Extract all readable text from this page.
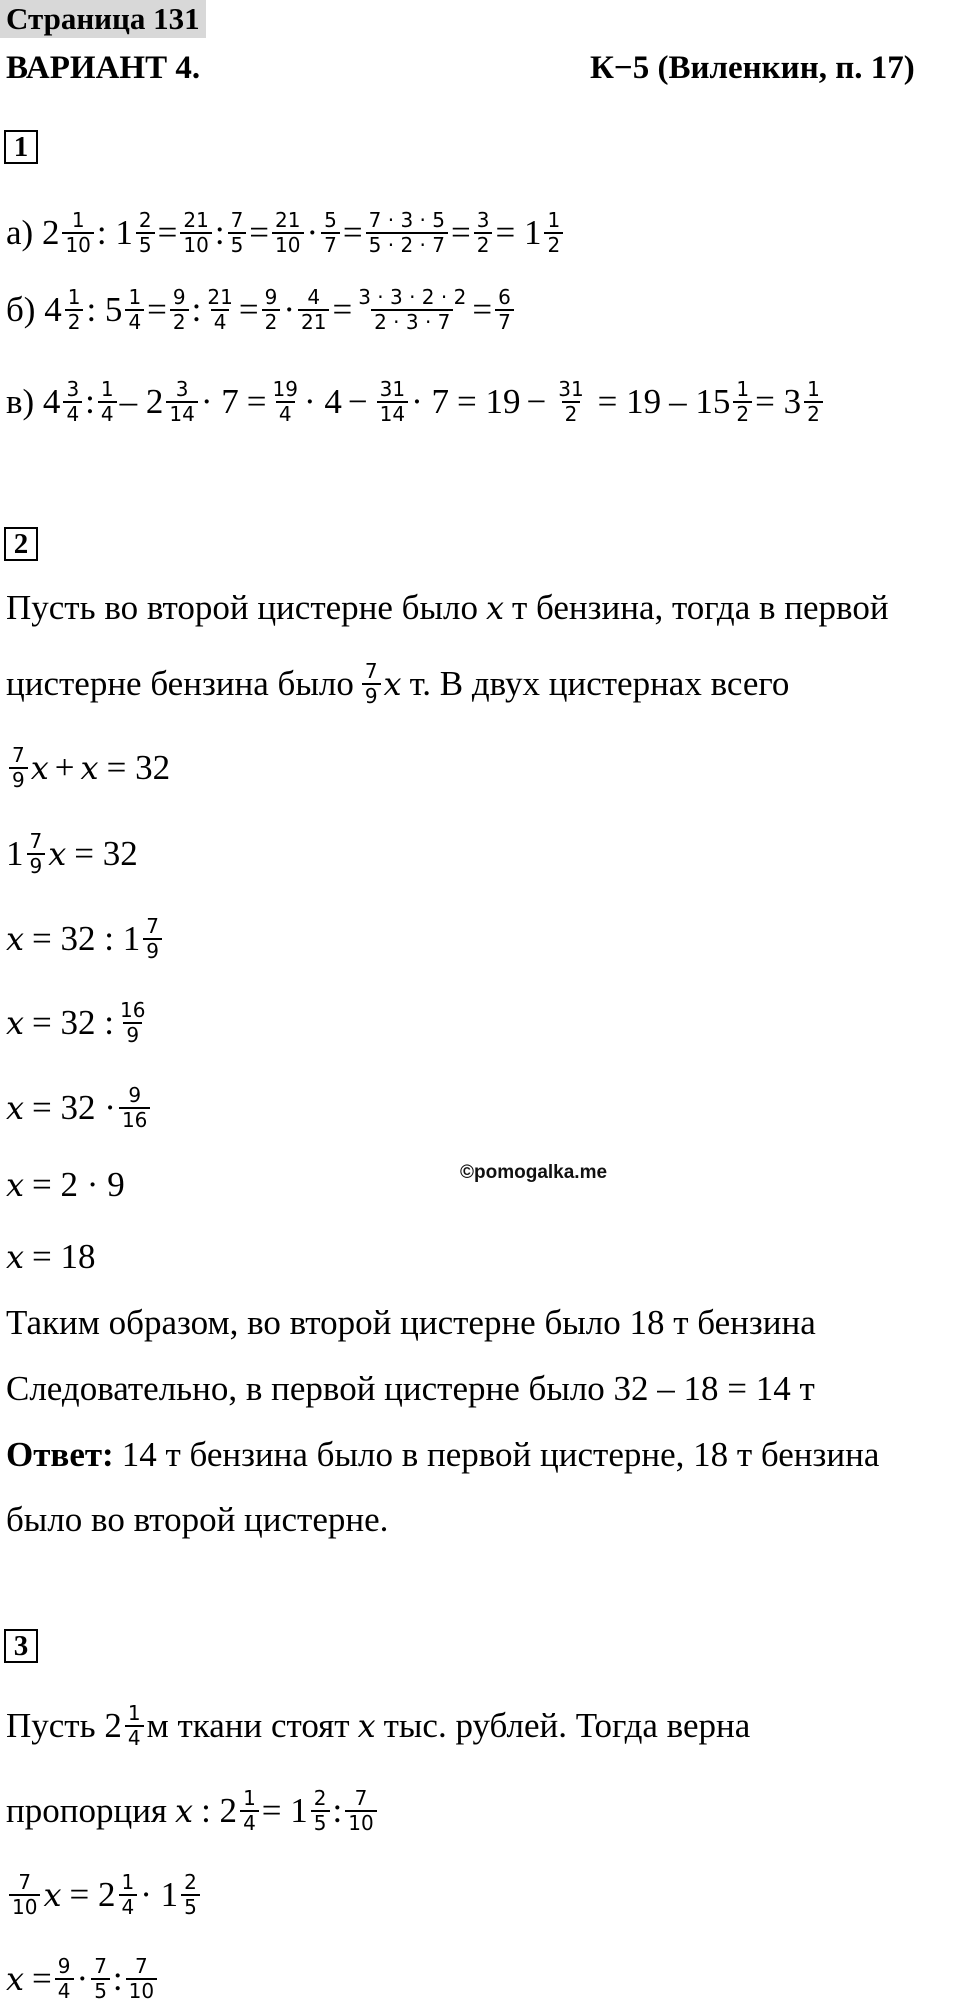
Страница 131
ВАРИАНТ 4.	К−5 (Виленкин, п. 17)
1
а) 2 1
10 : $1 \frac{2}{5} = \frac{21}{10}$ : $\frac{7}{5} = \frac{21}{10} \cdot \frac{5}{7} = \frac{7 \cdot 3 \cdot 5}{5 \cdot 2 \cdot 7} = \frac{3}{2} = 1$ 1
2
б) 4 1
2 : $5 \frac{1}{4} = \frac{9}{2}$ : $\frac{21}{4} = \frac{9}{2} \cdot \frac{4}{21} = \frac{3 \cdot 3 \cdot 2 \cdot 2}{2 \cdot 3 \cdot 7} = \frac{6}{7}$
в) 4 3
4 : 1
4 – 2 3
$14 \cdot 7 = \frac{19}{4} \cdot 4 - \frac{31}{14} \cdot 7 = 19 - \frac{31}{2} = 19 - 15 \frac{1}{2} = 3$ 1
2
2
Пусть во второй цистерне было x т бензина, тогда в первой
цистерне бензина было 7
9 x т. В двух цистернах всего
7
9 x + x = 32
1 7
9 x = 32
x = 32 : 1 7
9
x = 32 : 16
9
x = 32 · 9
16
x = 2 · 9	©pomogalka.me
x = 18
Таким образом, во второй цистерне было 18 т бензина
Следовательно, в первой цистерне было 32 – 18 = 14 т
Ответ: 14 т бензина было в первой цистерне, 18 т бензина
было во второй цистерне.
3
Пусть 2 1
4 м ткани стоят x тыс. рублей. Тогда верна
пропорция x : $2 \frac{1}{4} = 1$ 2
5 : 7
10
7
10 x = 2 1
4 · 1 2
5
$x = \frac{9}{4} \cdot 7$
5 : 7
10
